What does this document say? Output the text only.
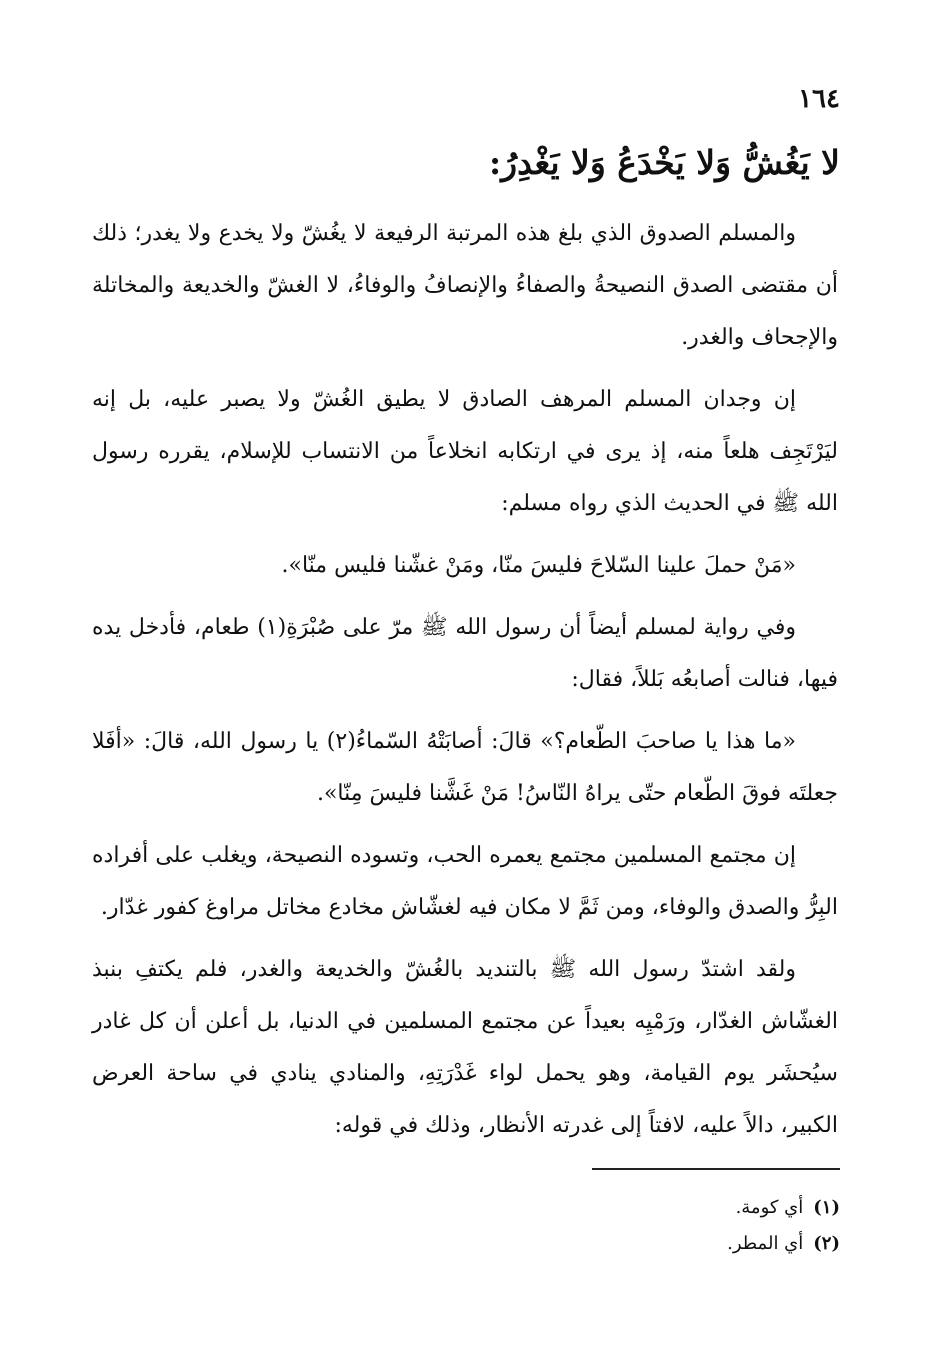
١٦٤
لا يَغُشُّ وَلا يَخْدَعُ وَلا يَغْدِرُ:

والمسلم الصدوق الذي بلغ هذه المرتبة الرفيعة لا يغُشّ ولا يخدع ولا يغدر؛ ذلك أن مقتضى الصدق النصيحةُ والصفاءُ والإنصافُ والوفاءُ، لا الغشّ والخديعة والمخاتلة والإجحاف والغدر.

إن وجدان المسلم المرهف الصادق لا يطيق الغُشّ ولا يصبر عليه، بل إنه ليَرْتَجِف هلعاً منه، إذ يرى في ارتكابه انخلاعاً من الانتساب للإسلام، يقرره رسول الله ﷺ في الحديث الذي رواه مسلم:

«مَنْ حملَ علينا السّلاحَ فليسَ منّا، ومَنْ غشّنا فليس منّا».

وفي رواية لمسلم أيضاً أن رسول الله ﷺ مرّ على صُبْرَةِ(١) طعام، فأدخل يده فيها، فنالت أصابعُه بَللاً، فقال:

«ما هذا يا صاحبَ الطّعام؟» قالَ: أصابَتْهُ السّماءُ(٢) يا رسول الله، قالَ: «أفَلا جعلتَه فوقَ الطّعام حتّى يراهُ النّاسُ! مَنْ غَشَّنا فليسَ مِنّا».

إن مجتمع المسلمين مجتمع يعمره الحب، وتسوده النصيحة، ويغلب على أفراده البِرُّ والصدق والوفاء، ومن ثَمَّ لا مكان فيه لغشّاش مخادع مخاتل مراوغ كفور غدّار.

ولقد اشتدّ رسول الله ﷺ بالتنديد بالغُشّ والخديعة والغدر، فلم يكتفِ بنبذ الغشّاش الغدّار، ورَمْيِه بعيداً عن مجتمع المسلمين في الدنيا، بل أعلن أن كل غادر سيُحشَر يوم القيامة، وهو يحمل لواء غَدْرَتِهِ، والمنادي ينادي في ساحة العرض الكبير، دالاً عليه، لافتاً إلى غدرته الأنظار، وذلك في قوله:

(١)أي كومة.

(٢)أي المطر.
